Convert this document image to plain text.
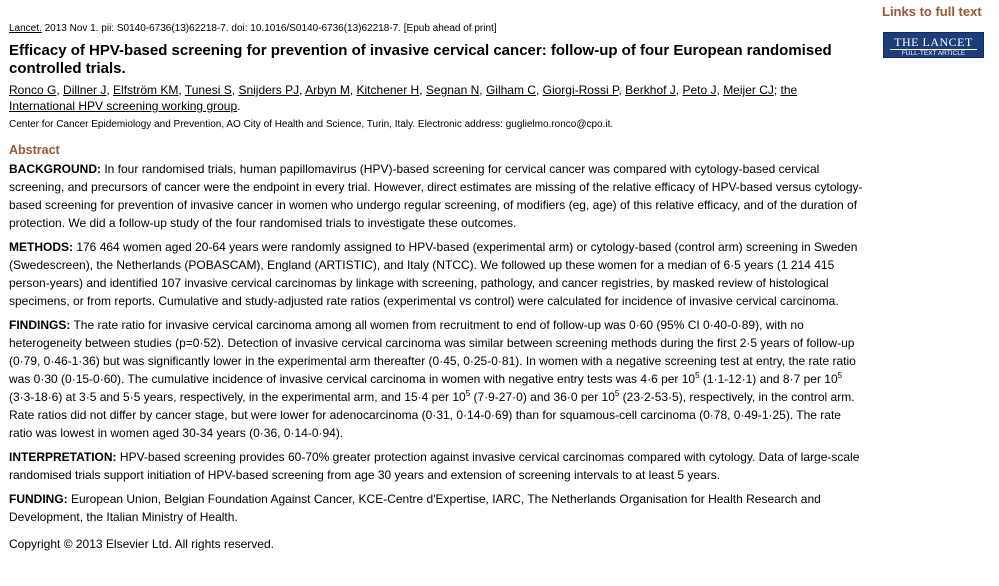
Lancet. 2013 Nov 1. pii: S0140-6736(13)62218-7. doi: 10.1016/S0140-6736(13)62218-7. [Epub ahead of print]

Efficacy of HPV-based screening for prevention of invasive cervical cancer: follow-up of four European randomised controlled trials.
Ronco G, Dillner J, Elfström KM, Tunesi S, Snijders PJ, Arbyn M, Kitchener H, Segnan N, Gilham C, Giorgi-Rossi P, Berkhof J, Peto J, Meijer CJ; the International HPV screening working group.

Center for Cancer Epidemiology and Prevention, AO City of Health and Science, Turin, Italy. Electronic address: guglielmo.ronco@cpo.it.

Abstract

BACKGROUND: In four randomised trials, human papillomavirus (HPV)-based screening for cervical cancer was compared with cytology-based cervical screening, and precursors of cancer were the endpoint in every trial. However, direct estimates are missing of the relative efficacy of HPV-based versus cytology-based screening for prevention of invasive cancer in women who undergo regular screening, of modifiers (eg, age) of this relative efficacy, and of the duration of protection. We did a follow-up study of the four randomised trials to investigate these outcomes.

METHODS: 176 464 women aged 20-64 years were randomly assigned to HPV-based (experimental arm) or cytology-based (control arm) screening in Sweden (Swedescreen), the Netherlands (POBASCAM), England (ARTISTIC), and Italy (NTCC). We followed up these women for a median of 6·5 years (1 214 415 person-years) and identified 107 invasive cervical carcinomas by linkage with screening, pathology, and cancer registries, by masked review of histological specimens, or from reports. Cumulative and study-adjusted rate ratios (experimental vs control) were calculated for incidence of invasive cervical carcinoma.

FINDINGS: The rate ratio for invasive cervical carcinoma among all women from recruitment to end of follow-up was 0·60 (95% CI 0·40-0·89), with no heterogeneity between studies (p=0·52). Detection of invasive cervical carcinoma was similar between screening methods during the first 2·5 years of follow-up (0·79, 0·46-1·36) but was significantly lower in the experimental arm thereafter (0·45, 0·25-0·81). In women with a negative screening test at entry, the rate ratio was 0·30 (0·15-0·60). The cumulative incidence of invasive cervical carcinoma in women with negative entry tests was 4·6 per $10^5$ (1·1-12·1) and 8·7 per $10^5$ (3·3-18·6) at 3·5 and 5·5 years, respectively, in the experimental arm, and 15·4 per $10^5$ (7·9-27·0) and 36·0 per $10^5$ (23·2-53·5), respectively, in the control arm. Rate ratios did not differ by cancer stage, but were lower for adenocarcinoma (0·31, 0·14-0·69) than for squamous-cell carcinoma (0·78, 0·49-1·25). The rate ratio was lowest in women aged 30-34 years (0·36, 0·14-0·94).

INTERPRETATION: HPV-based screening provides 60-70% greater protection against invasive cervical carcinomas compared with cytology. Data of large-scale randomised trials support initiation of HPV-based screening from age 30 years and extension of screening intervals to at least 5 years.

FUNDING: European Union, Belgian Foundation Against Cancer, KCE-Centre d'Expertise, IARC, The Netherlands Organisation for Health Research and Development, the Italian Ministry of Health.

Copyright © 2013 Elsevier Ltd. All rights reserved.
Links to full text
THE LANCET
FULL-TEXT ARTICLE
